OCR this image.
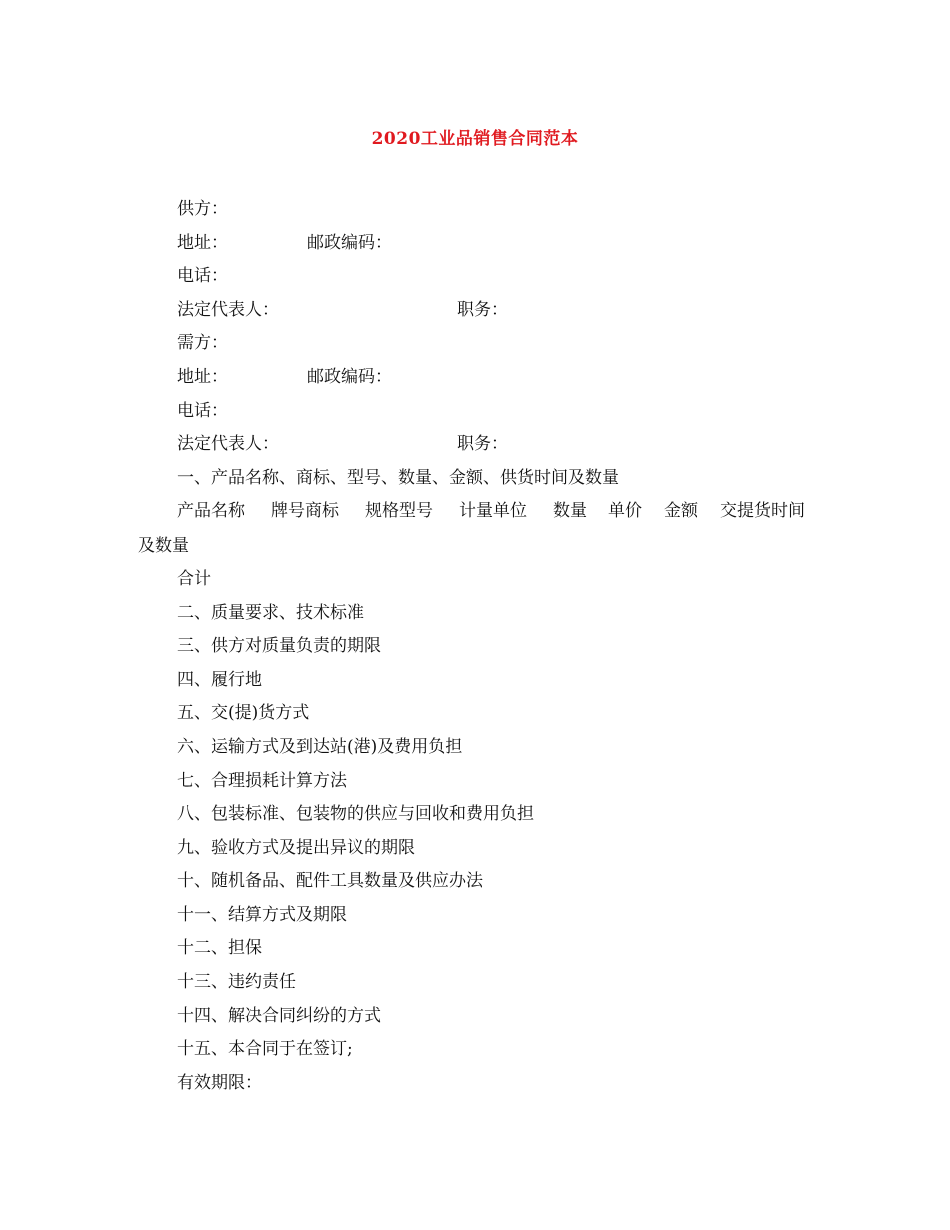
2020工业品销售合同范本
供方：
地址：	邮政编码：
电话：
法定代表人：	职务：
需方：
地址：	邮政编码：
电话：
法定代表人：	职务：
一、产品名称、商标、型号、数量、金额、供货时间及数量
产品名称 牌号商标 规格型号 计量单位 数量 单价 金额 交提货时间
及数量
合计
二、质量要求、技术标准
三、供方对质量负责的期限
四、履行地
五、交(提)货方式
六、运输方式及到达站(港)及费用负担
七、合理损耗计算方法
八、包装标准、包装物的供应与回收和费用负担
九、验收方式及提出异议的期限
十、随机备品、配件工具数量及供应办法
十一、结算方式及期限
十二、担保
十三、违约责任
十四、解决合同纠纷的方式
十五、本合同于在签订;
有效期限：
